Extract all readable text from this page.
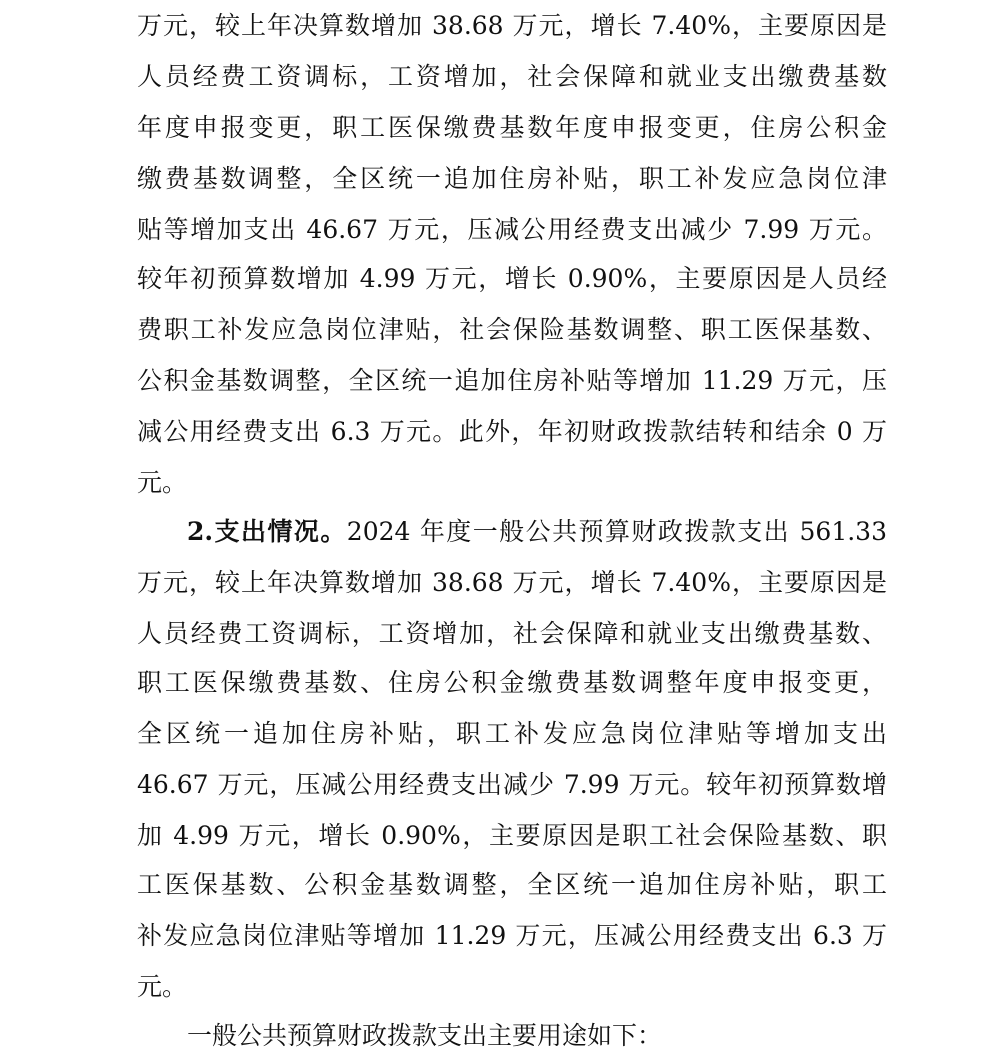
万元，较上年决算数增加 38.68 万元，增长 7.40%，主要原因是
人员经费工资调标，工资增加，社会保障和就业支出缴费基数
年度申报变更，职工医保缴费基数年度申报变更，住房公积金
缴费基数调整，全区统一追加住房补贴，职工补发应急岗位津
贴等增加支出 46.67 万元，压减公用经费支出减少 7.99 万元。
较年初预算数增加 4.99 万元，增长 0.90%，主要原因是人员经
费职工补发应急岗位津贴，社会保险基数调整、职工医保基数、
公积金基数调整，全区统一追加住房补贴等增加 11.29 万元，压
减公用经费支出 6.3 万元。此外，年初财政拨款结转和结余 0 万
元。
2.支出情况。2024 年度一般公共预算财政拨款支出 561.33
万元，较上年决算数增加 38.68 万元，增长 7.40%，主要原因是
人员经费工资调标，工资增加，社会保障和就业支出缴费基数、
职工医保缴费基数、住房公积金缴费基数调整年度申报变更，
全区统一追加住房补贴，职工补发应急岗位津贴等增加支出
46.67 万元，压减公用经费支出减少 7.99 万元。较年初预算数增
加 4.99 万元，增长 0.90%，主要原因是职工社会保险基数、职
工医保基数、公积金基数调整，全区统一追加住房补贴，职工
补发应急岗位津贴等增加 11.29 万元，压减公用经费支出 6.3 万
元。
一般公共预算财政拨款支出主要用途如下：
